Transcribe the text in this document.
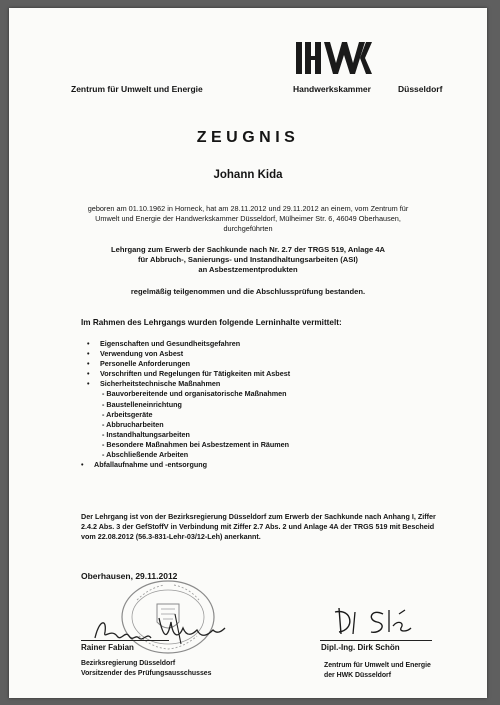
Zentrum für Umwelt und Energie	Handwerkskammer	Düsseldorf
ZEUGNIS
Johann Kida

geboren am 01.10.1962 in Horneck, hat am 28.11.2012 und 29.11.2012 an einem, vom Zentrum für

Umwelt und Energie der Handwerkskammer Düsseldorf, Mülheimer Str. 6, 46049 Oberhausen,

durchgeführten

Lehrgang zum Erwerb der Sachkunde nach Nr. 2.7 der TRGS 519, Anlage 4A

für Abbruch-, Sanierungs- und Instandhaltungsarbeiten (ASI)

an Asbestzementprodukten

regelmäßig teilgenommen und die Abschlussprüfung bestanden.

Im Rahmen des Lehrgangs wurden folgende Lerninhalte vermittelt:
• Eigenschaften und Gesundheitsgefahren
• Verwendung von Asbest
• Personelle Anforderungen
• Vorschriften und Regelungen für Tätigkeiten mit Asbest
• Sicherheitstechnische Maßnahmen
- Bauvorbereitende und organisatorische Maßnahmen
- Baustelleneinrichtung
- Arbeitsgeräte
- Abbrucharbeiten
- Instandhaltungsarbeiten
- Besondere Maßnahmen bei Asbestzement in Räumen
- Abschließende Arbeiten
• Abfallaufnahme und -entsorgung

Der Lehrgang ist von der Bezirksregierung Düsseldorf zum Erwerb der Sachkunde nach Anhang I, Ziffer

2.4.2 Abs. 3 der GefStoffV in Verbindung mit Ziffer 2.7 Abs. 2 und Anlage 4A der TRGS 519 mit Bescheid

vom 22.08.2012 (56.3-831-Lehr-03/12-Leh) anerkannt.

Oberhausen, 29.11.2012
Rainer Fabian	Dipl.-Ing. Dirk Schön

Bezirksregierung Düsseldorf

Vorsitzender des Prüfungsausschusses

Zentrum für Umwelt und Energie

der HWK Düsseldorf
